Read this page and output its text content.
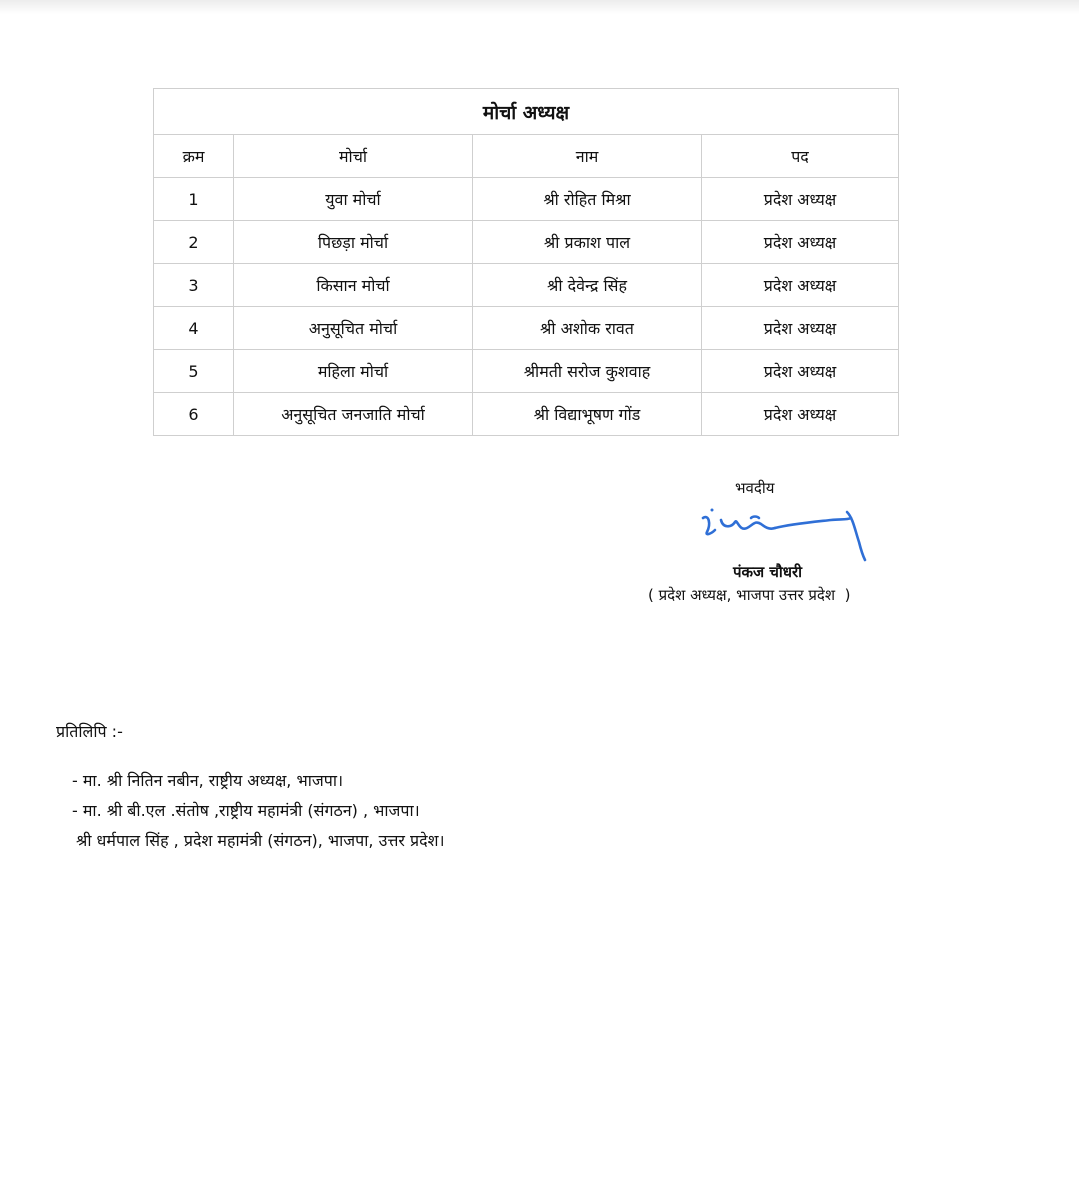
मोर्चा अध्यक्ष			
क्रम	मोर्चा	नाम	पद
1	युवा मोर्चा	श्री रोहित मिश्रा	प्रदेश अध्यक्ष
2	पिछड़ा मोर्चा	श्री प्रकाश पाल	प्रदेश अध्यक्ष
3	किसान मोर्चा	श्री देवेन्द्र सिंह	प्रदेश अध्यक्ष
4	अनुसूचित मोर्चा	श्री अशोक रावत	प्रदेश अध्यक्ष
5	महिला मोर्चा	श्रीमती सरोज कुशवाह	प्रदेश अध्यक्ष
6	अनुसूचित जनजाति मोर्चा	श्री विद्याभूषण गोंड	प्रदेश अध्यक्ष
भवदीय
पंकज चौधरी
( प्रदेश अध्यक्ष, भाजपा उत्तर प्रदेश  )
प्रतिलिपि :-
- मा. श्री नितिन नबीन, राष्ट्रीय अध्यक्ष, भाजपा।
- मा. श्री बी.एल .संतोष ,राष्ट्रीय महामंत्री (संगठन) , भाजपा।
श्री धर्मपाल सिंह , प्रदेश महामंत्री (संगठन), भाजपा, उत्तर प्रदेश।
